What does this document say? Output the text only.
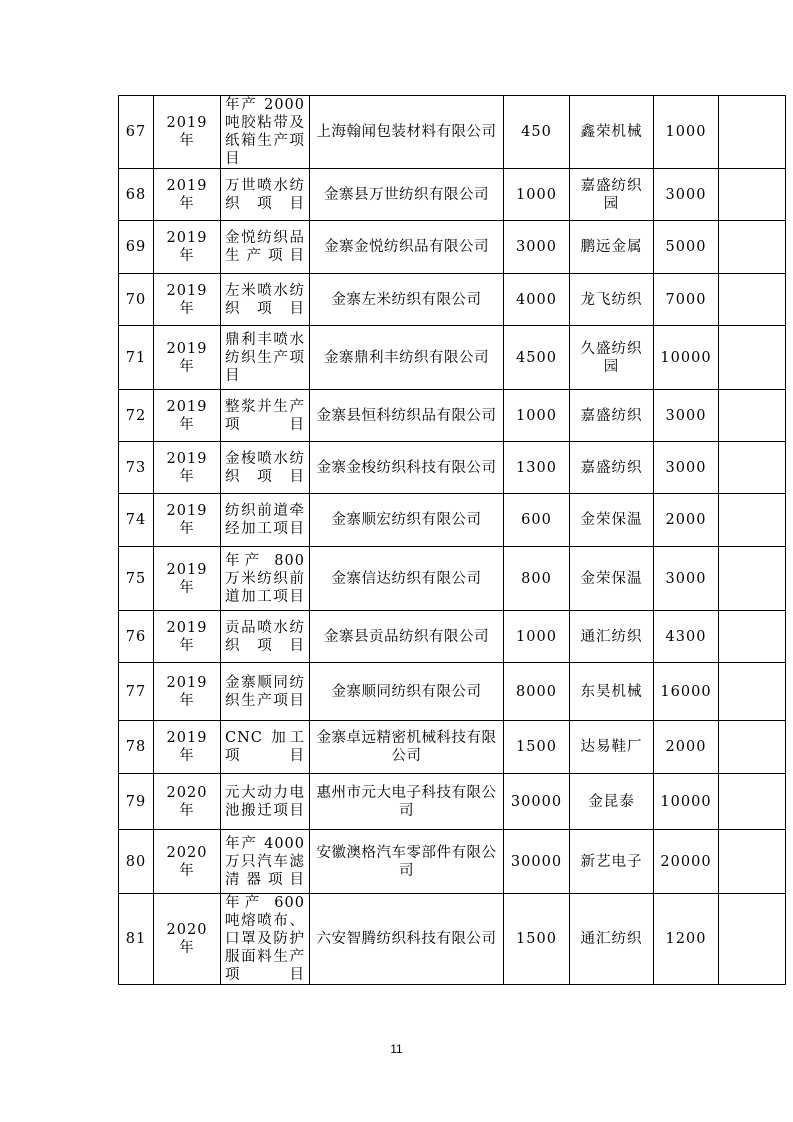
67	2019 年	年产 2000 吨胶粘带及纸箱生产项目	上海翰闻包装材料有限公司	450	鑫荣机械	1000	
68	2019 年	万世喷水纺织项目	金寨县万世纺织有限公司	1000	嘉盛纺织园	3000	
69	2019 年	金悦纺织品生产项目	金寨金悦纺织品有限公司	3000	鹏远金属	5000	
70	2019 年	左米喷水纺织项目	金寨左米纺织有限公司	4000	龙飞纺织	7000	
71	2019 年	鼎利丰喷水纺织生产项目	金寨鼎利丰纺织有限公司	4500	久盛纺织园	10000	
72	2019 年	整浆并生产项目	金寨县恒科纺织品有限公司	1000	嘉盛纺织	3000	
73	2019 年	金梭喷水纺织项目	金寨金梭纺织科技有限公司	1300	嘉盛纺织	3000	
74	2019 年	纺织前道牵经加工项目	金寨顺宏纺织有限公司	600	金荣保温	2000	
75	2019 年	年产 800 万米纺织前道加工项目	金寨信达纺织有限公司	800	金荣保温	3000	
76	2019 年	贡品喷水纺织项目	金寨县贡品纺织有限公司	1000	通汇纺织	4300	
77	2019 年	金寨顺同纺织生产项目	金寨顺同纺织有限公司	8000	东昊机械	16000	
78	2019 年	CNC 加工项目	金寨卓远精密机械科技有限公司	1500	达易鞋厂	2000	
79	2020 年	元大动力电池搬迁项目	惠州市元大电子科技有限公司	30000	金昆泰	10000	
80	2020 年	年产 4000 万只汽车滤清器项目	安徽澳格汽车零部件有限公司	30000	新艺电子	20000	
81	2020 年	年产 600 吨熔喷布、口罩及防护服面料生产项目	六安智腾纺织科技有限公司	1500	通汇纺织	1200	
11
